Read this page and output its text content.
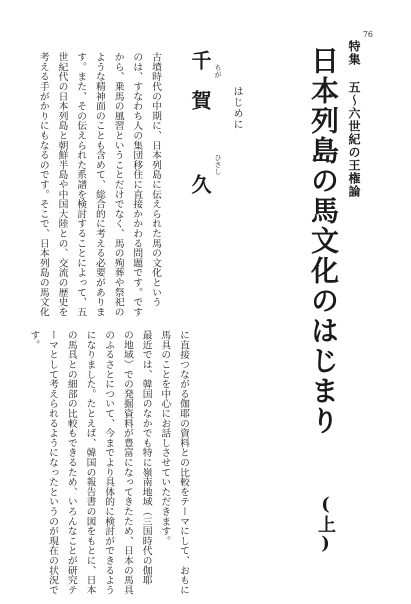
76
特集 五〜六世紀の王権論
日本列島の馬文化のはじまり
(上)
ちが
千賀 久 ひさし
はじめに

古墳時代の中期に、日本列島に伝えられた馬の文化という

のは、すなわち人の集団移住に直接かかわる問題です。です

から、乗馬の風習ということだけでなく、馬の殉葬や祭祀の

ような精神面のことも含めて、総合的に考える必要がありま

す。また、その伝えられた系譜を検討することによって、五

世紀代の日本列島と朝鮮半島や中国大陸との、交流の歴史を

考える手がかりにもなるのです。そこで、日本列島の馬文化

に直接つながる伽耶の資料との比較をテーマにして、おもに

馬具のことを中心にお話しさせていただきます。

最近では、韓国のなかでも特に嶺南地域（三国時代の伽耶

の地域）での発掘資料が豊富になってきたため、日本の馬具

のふるさとについて、今までより具体的に検討ができるよう

になりました。たとえば、韓国の報告書の図をもとに、日本

の馬具との細部の比較もできるため、いろんなことが研究テ

ーマとして考えられるようになったというのが現在の状況で

す。
